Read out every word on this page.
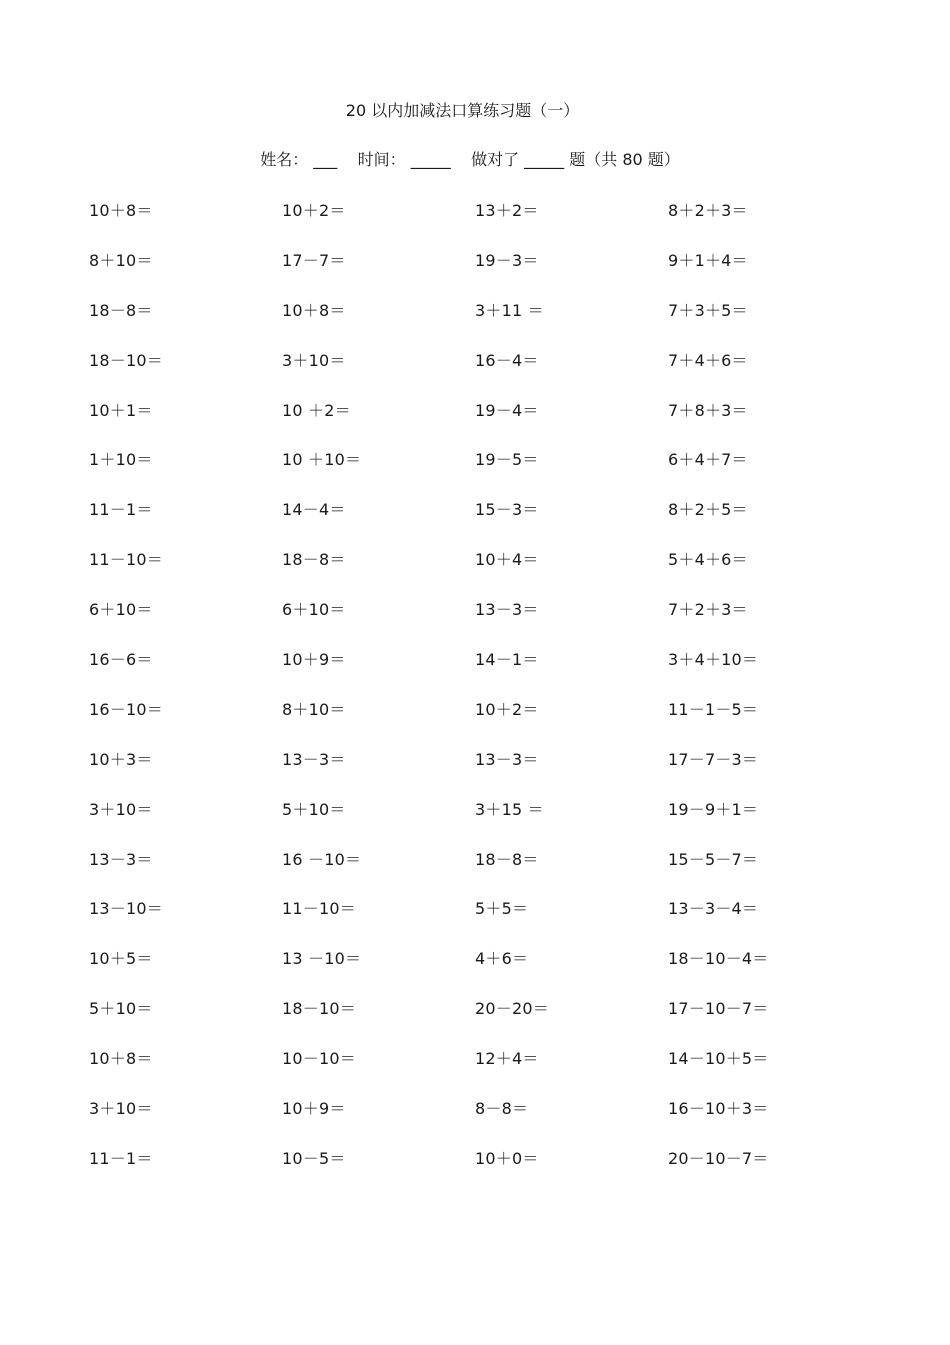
20 以内加减法口算练习题（一）
姓名： ___    时间： _____    做对了 _____ 题（共 80 题）
10＋8＝	10＋2＝	13＋2＝	8＋2＋3＝
8＋10＝	17－7＝	19－3＝	9＋1＋4＝
18－8＝	10＋8＝	3＋11 ＝	7＋3＋5＝
18－10＝	3＋10＝	16－4＝	7＋4＋6＝
10＋1＝	10 ＋2＝	19－4＝	7＋8＋3＝
1＋10＝	10 ＋10＝	19－5＝	6＋4＋7＝
11－1＝	14－4＝	15－3＝	8＋2＋5＝
11－10＝	18－8＝	10＋4＝	5＋4＋6＝
6＋10＝	6＋10＝	13－3＝	7＋2＋3＝
16－6＝	10＋9＝	14－1＝	3＋4＋10＝
16－10＝	8＋10＝	10＋2＝	11－1－5＝
10＋3＝	13－3＝	13－3＝	17－7－3＝
3＋10＝	5＋10＝	3＋15 ＝	19－9＋1＝
13－3＝	16 －10＝	18－8＝	15－5－7＝
13－10＝	11－10＝	5＋5＝	13－3－4＝
10＋5＝	13 －10＝	4＋6＝	18－10－4＝
5＋10＝	18－10＝	20－20＝	17－10－7＝
10＋8＝	10－10＝	12＋4＝	14－10＋5＝
3＋10＝	10＋9＝	8－8＝	16－10＋3＝
11－1＝	10－5＝	10＋0＝	20－10－7＝
